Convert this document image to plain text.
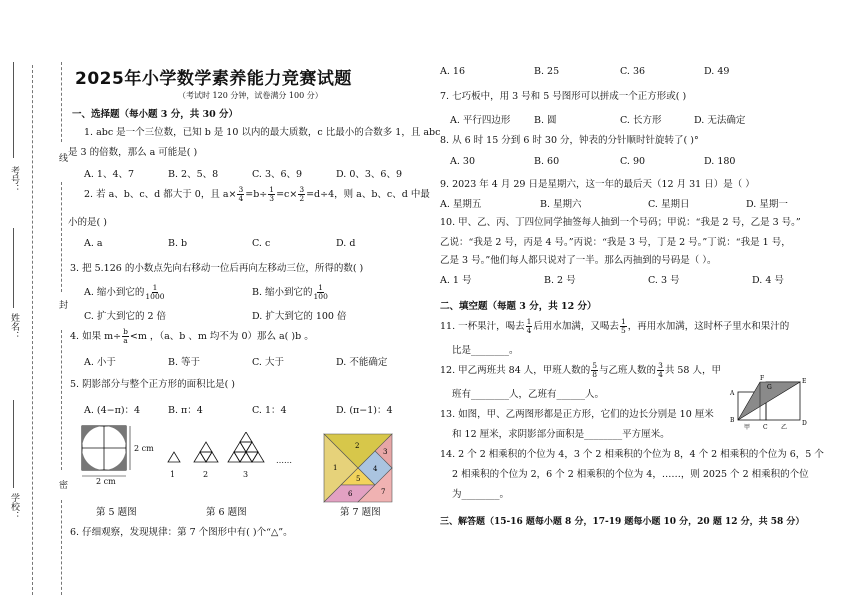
考号：
线
姓名：
封
学校：
密
2025年小学数学素养能力竞赛试题
（考试时 120 分钟，试卷满分 100 分）
一、选择题（每小题 3 分，共 30 分）
1. abc 是一个三位数，已知 b 是 10 以内的最大质数，c 比最小的合数多 1，且 abc
是 3 的倍数，那么 a 可能是( )
A. 1、4、7	B. 2、5、8	C. 3、6、9	D. 0、3、6、9
2. 若 a、b、c、d 都大于 0，且 $a\times \frac{3}{4} =b\div \frac{1}{3} =c\times \frac{3}{2} =d\div 4$，则 a、b、c、d 中最
小的是( )
A. a	B. b	C. c	D. d
3. 把 5.126 的小数点先向右移动一位后再向左移动三位，所得的数( )
A. 缩小到它的 $\frac{1}{1000}$	B. 缩小到它的 $\frac{1}{100}$
C. 扩大到它的 2 倍	D. 扩大到它的 100 倍
4. 如果 $m\div \frac{b}{a} <m$ ，（a、b 、m 均不为 0）那么 a( )b 。
A. 小于	B. 等于	C. 大于	D. 不能确定
5. 阴影部分与整个正方形的面积比是( )
A. (4−π)：4	B. π：4	C. 1：4	D. (π−1)：4
2 cm
2 cm
1	2	3
……
2
1
3
4
5
6	7
第 5 题图	第 6 题图	第 7 题图
6. 仔细观察，发现规律：第 7 个图形中有( )个“△”。
A. 16	B. 25	C. 36	D. 49
7. 七巧板中，用 3 号和 5 号图形可以拼成一个正方形或( )
A. 平行四边形 B. 圆	C. 长方形	D. 无法确定
8. 从 6 时 15 分到 6 时 30 分，钟表的分针顺时针旋转了( )°
A. 30	B. 60	C. 90	D. 180
9. 2023 年 4 月 29 日是星期六，这一年的最后天（12 月 31 日）是（ ）
A. 星期五	B. 星期六	C. 星期日	D. 星期一
10. 甲、乙、丙、丁四位同学抽签每人抽到一个号码；甲说：“我是 2 号，乙是 3 号。”
乙说：“我是 2 号，丙是 4 号。”丙说：“我是 3 号，丁是 2 号。”丁说：“我是 1 号，
乙是 3 号。”他们每人都只说对了一半。那么丙抽到的号码是（ ）。
A. 1 号	B. 2 号	C. 3 号	D. 4 号
二、填空题（每题 3 分，共 12 分）
11. 一杯果汁，喝去 $\frac{1}{4}$ 后用水加满，又喝去 $\frac{1}{5}$ ，再用水加满，这时杯子里水和果汁的
比是________。
12. 甲乙两班共 84 人，甲班人数的 $\frac{5}{8}$ 与乙班人数的 $\frac{3}{4}$ 共 58 人，甲
班有________人，乙班有______人。
13. 如图，甲、乙两图形都是正方形，它们的边长分别是 10 厘米
和 12 厘米，求阴影部分面积是________平方厘米。
F
G
E
A
B
甲 C 乙
D
14. 2 个 2 相乘积的个位为 4，3 个 2 相乘积的个位为 8，4 个 2 相乘积的个位为 6，5 个
2 相乘积的个位为 2，6 个 2 相乘积的个位为 4，……，则 2025 个 2 相乘积的个位
为________。
三、解答题（15-16 题每小题 8 分，17-19 题每小题 10 分，20 题 12 分，共 58 分）
